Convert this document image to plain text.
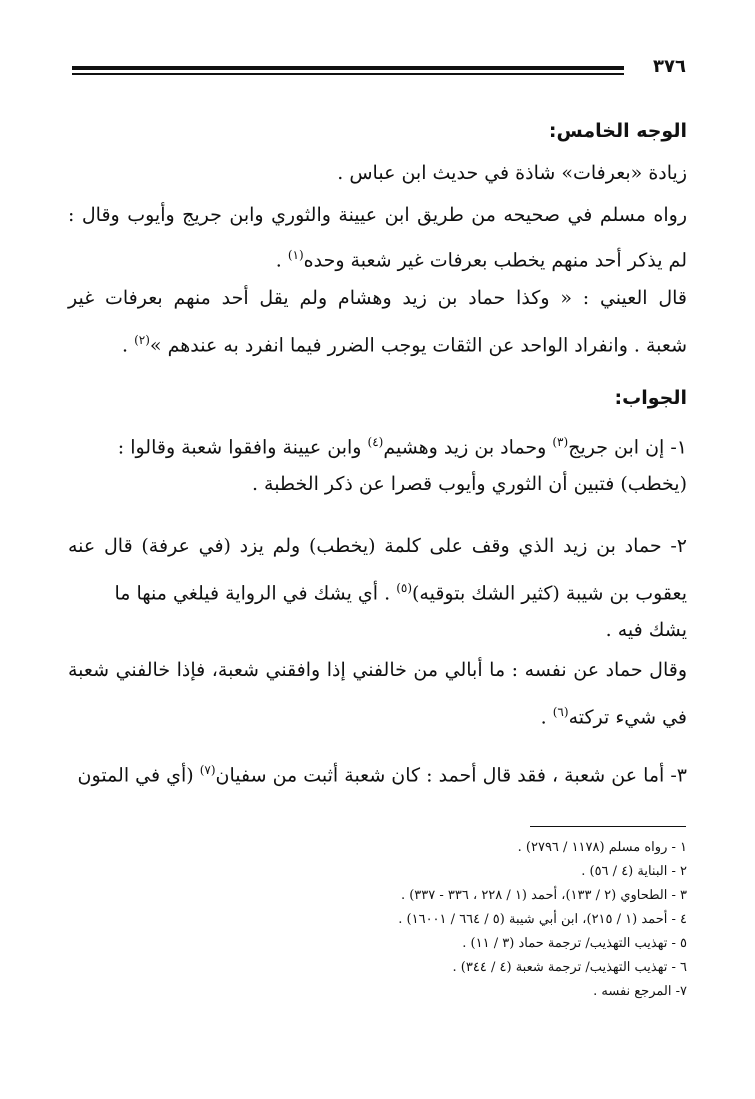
٣٧٦
الوجه الخامس:
زيادة «بعرفات» شاذة في حديث ابن عباس .
رواه مسلم في صحيحه من طريق ابن عيينة والثوري وابن جريج وأيوب وقال :
لم يذكر أحد منهم يخطب بعرفات غير شعبة وحده$^{(١)}$ .
قال العيني : « وكذا حماد بن زيد وهشام ولم يقل أحد منهم بعرفات غير
شعبة . وانفراد الواحد عن الثقات يوجب الضرر فيما انفرد به عندهم »$^{(٢)}$ .
الجواب:
١- إن ابن جريج$^{(٣)}$ وحماد بن زيد وهشيم$^{(٤)}$ وابن عيينة وافقوا شعبة وقالوا :
(يخطب) فتبين أن الثوري وأيوب قصرا عن ذكر الخطبة .
٢- حماد بن زيد الذي وقف على كلمة (يخطب) ولم يزد (في عرفة) قال عنه
يعقوب بن شيبة (كثير الشك بتوقيه)$^{(٥)}$ . أي يشك في الرواية فيلغي منها ما
يشك فيه .
وقال حماد عن نفسه : ما أبالي من خالفني إذا وافقني شعبة، فإذا خالفني شعبة
في شيء تركته$^{(٦)}$ .
٣- أما عن شعبة ، فقد قال أحمد : كان شعبة أثبت من سفيان$^{(٧)}$ (أي في المتون
١ - رواه مسلم (١١٧٨ / ٢٧٩٦) .
٢ - البناية (٤ / ٥٦) .
٣ - الطحاوي (٢ / ١٣٣)، أحمد (١ / ٢٢٨ ، ٣٣٦ - ٣٣٧) .
٤ - أحمد (١ / ٢١٥)، ابن أبي شيبة (٥ / ٦٦٤ / ١٦٠٠١) .
٥ - تهذيب التهذيب/ ترجمة حماد (٣ / ١١) .
٦ - تهذيب التهذيب/ ترجمة شعبة (٤ / ٣٤٤) .
٧- المرجع نفسه .
